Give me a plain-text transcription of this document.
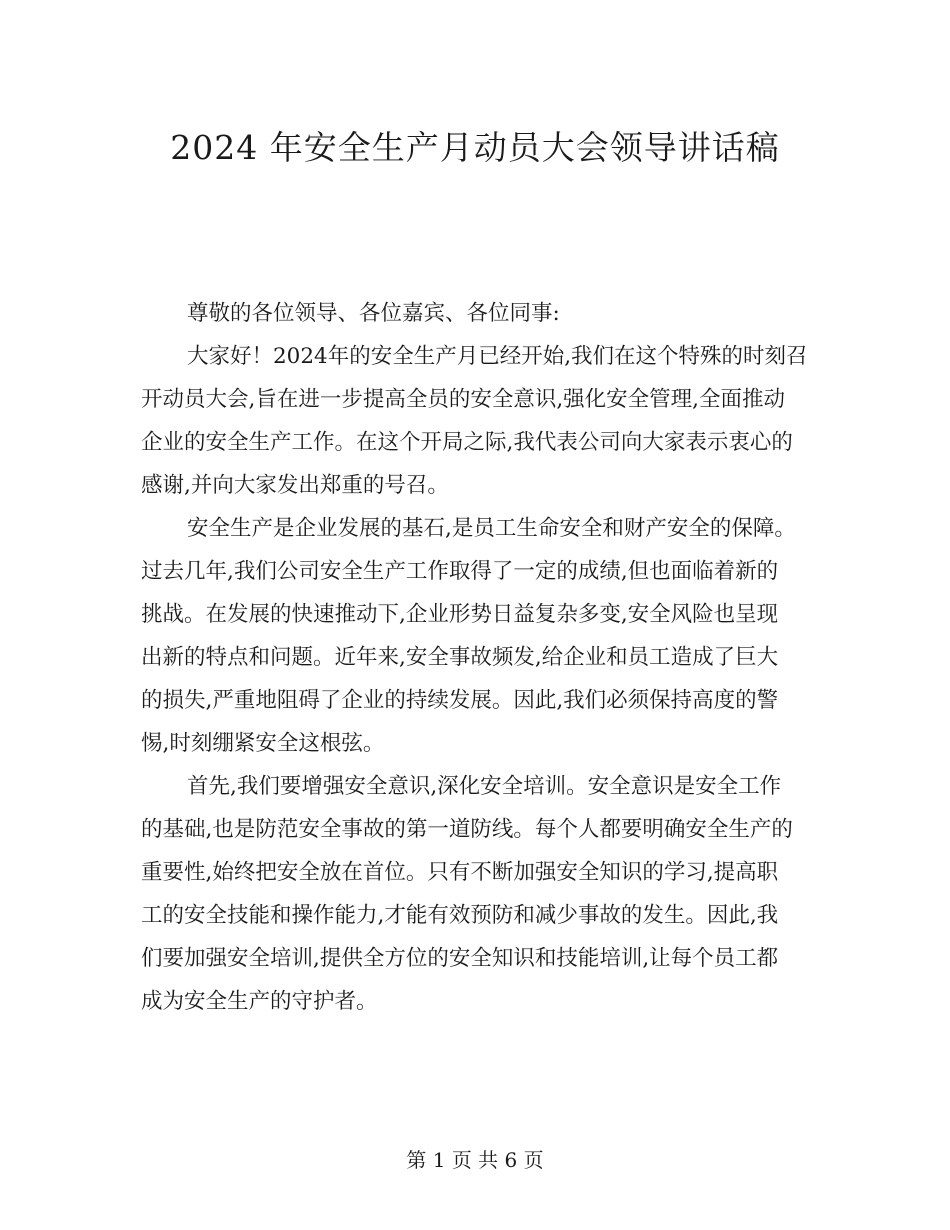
2024 年安全生产月动员大会领导讲话稿

尊敬的各位领导、各位嘉宾、各位同事:

大家好！2024年的安全生产月已经开始,我们在这个特殊的时刻召
开动员大会,旨在进一步提高全员的安全意识,强化安全管理,全面推动
企业的安全生产工作。在这个开局之际,我代表公司向大家表示衷心的
感谢,并向大家发出郑重的号召。

安全生产是企业发展的基石,是员工生命安全和财产安全的保障。
过去几年,我们公司安全生产工作取得了一定的成绩,但也面临着新的
挑战。在发展的快速推动下,企业形势日益复杂多变,安全风险也呈现
出新的特点和问题。近年来,安全事故频发,给企业和员工造成了巨大
的损失,严重地阻碍了企业的持续发展。因此,我们必须保持高度的警
惕,时刻绷紧安全这根弦。

首先,我们要增强安全意识,深化安全培训。安全意识是安全工作
的基础,也是防范安全事故的第一道防线。每个人都要明确安全生产的
重要性,始终把安全放在首位。只有不断加强安全知识的学习,提高职
工的安全技能和操作能力,才能有效预防和减少事故的发生。因此,我
们要加强安全培训,提供全方位的安全知识和技能培训,让每个员工都
成为安全生产的守护者。

第 1 页 共 6 页
